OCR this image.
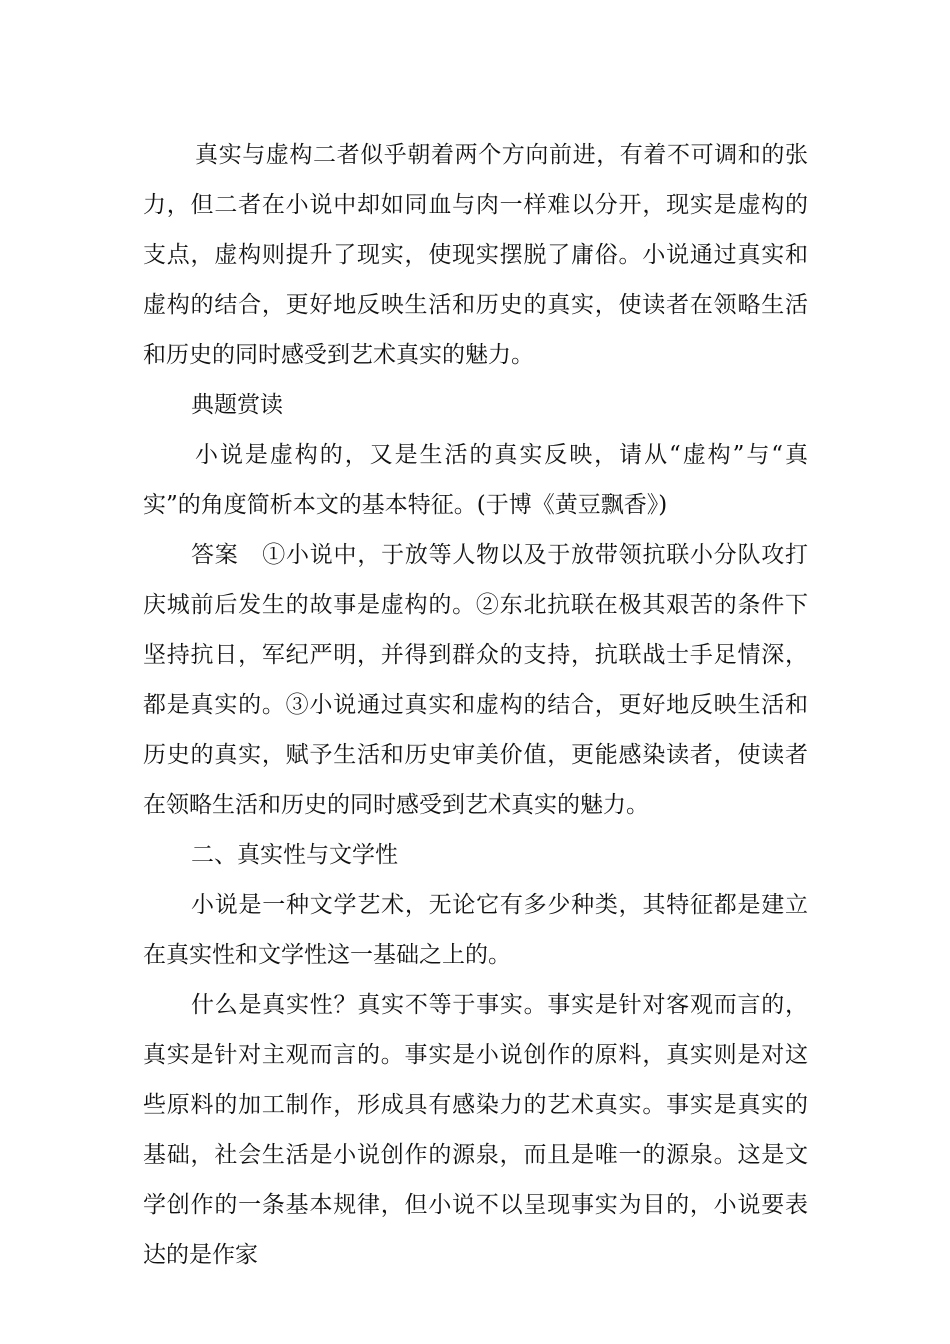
真实与虚构二者似乎朝着两个方向前进，有着不可调和的张力，但二者在小说中却如同血与肉一样难以分开，现实是虚构的支点，虚构则提升了现实，使现实摆脱了庸俗。小说通过真实和虚构的结合，更好地反映生活和历史的真实，使读者在领略生活和历史的同时感受到艺术真实的魅力。

典题赏读

小说是虚构的，又是生活的真实反映，请从“虚构”与“真实”的角度简析本文的基本特征。(于博《黄豆飘香》)

答案　①小说中，于放等人物以及于放带领抗联小分队攻打庆城前后发生的故事是虚构的。②东北抗联在极其艰苦的条件下坚持抗日，军纪严明，并得到群众的支持，抗联战士手足情深，都是真实的。③小说通过真实和虚构的结合，更好地反映生活和历史的真实，赋予生活和历史审美价值，更能感染读者，使读者在领略生活和历史的同时感受到艺术真实的魅力。

二、真实性与文学性

小说是一种文学艺术，无论它有多少种类，其特征都是建立在真实性和文学性这一基础之上的。

什么是真实性？真实不等于事实。事实是针对客观而言的，真实是针对主观而言的。事实是小说创作的原料，真实则是对这些原料的加工制作，形成具有感染力的艺术真实。事实是真实的基础，社会生活是小说创作的源泉，而且是唯一的源泉。这是文学创作的一条基本规律，但小说不以呈现事实为目的，小说要表达的是作家
